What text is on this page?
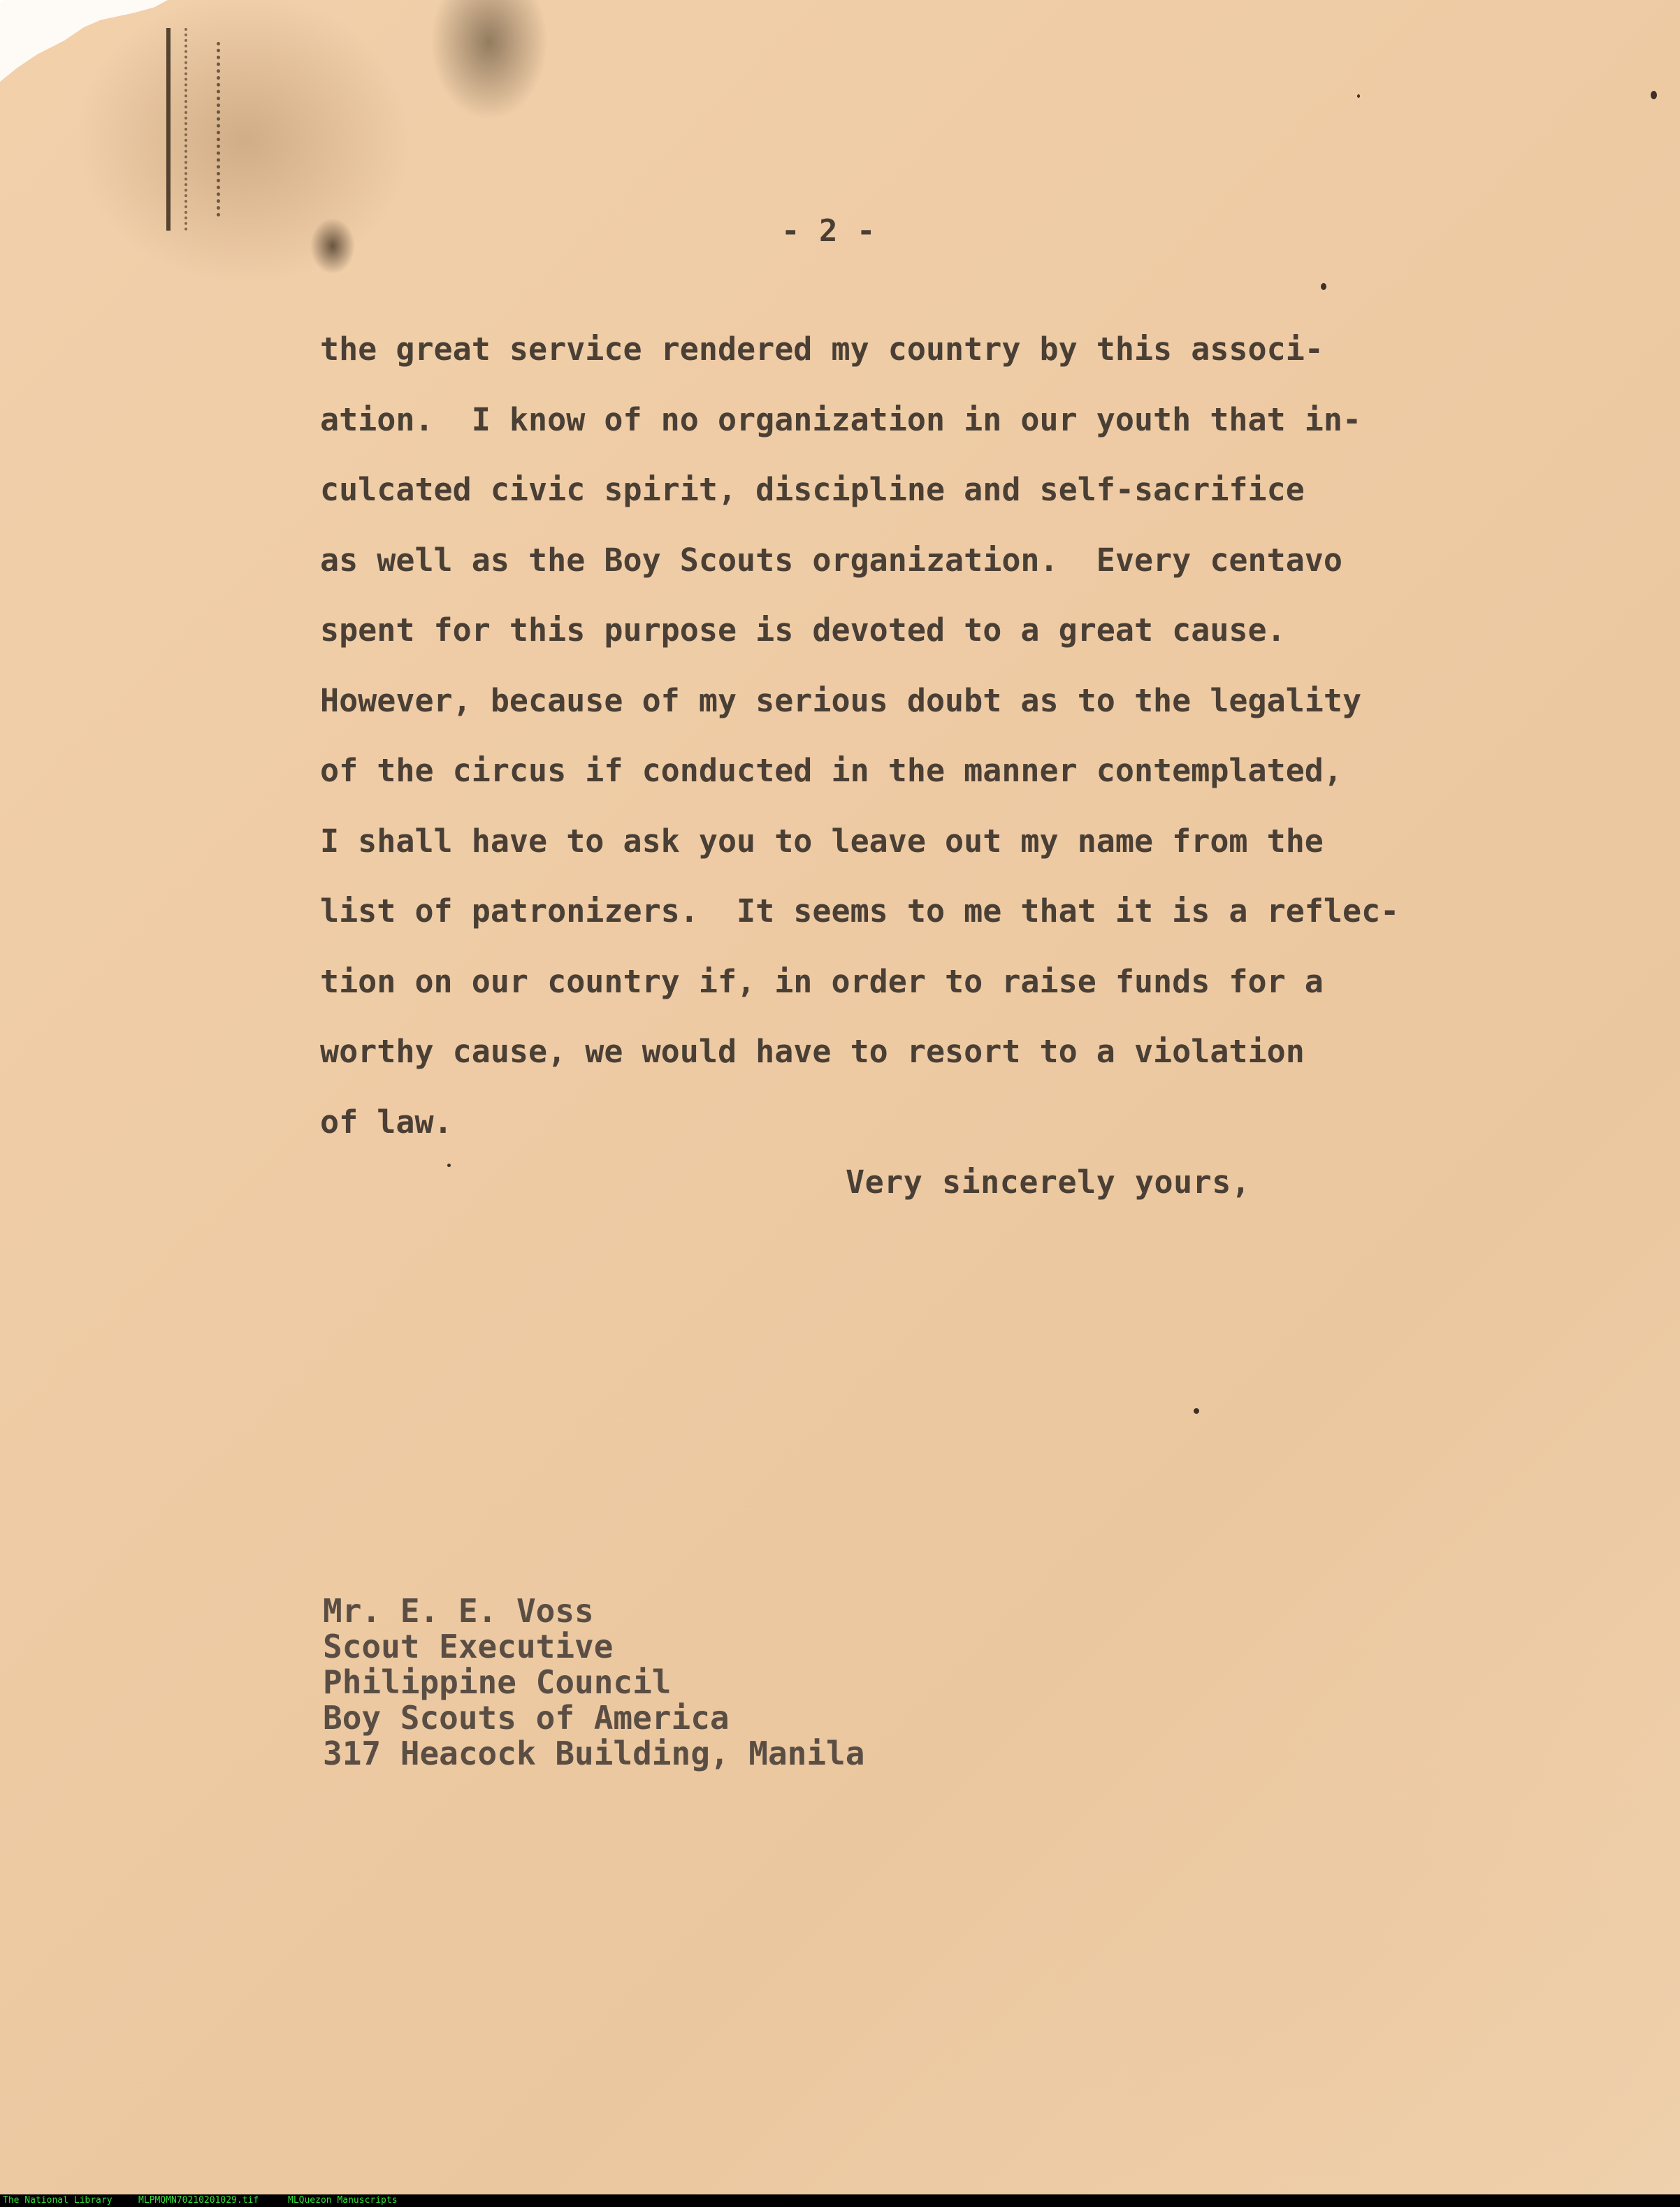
- 2 -
the great service rendered my country by this associ-
ation.  I know of no organization in our youth that in-
culcated civic spirit, discipline and self-sacrifice
as well as the Boy Scouts organization.  Every centavo
spent for this purpose is devoted to a great cause.
However, because of my serious doubt as to the legality
of the circus if conducted in the manner contemplated,
I shall have to ask you to leave out my name from the
list of patronizers.  It seems to me that it is a reflec-
tion on our country if, in order to raise funds for a
worthy cause, we would have to resort to a violation
of law.
Very sincerely yours,
Mr. E. E. Voss
Scout Executive
Philippine Council
Boy Scouts of America
317 Heacock Building, Manila
The National Library	MLPMQMN70210201029.tif	MLQuezon Manuscripts
